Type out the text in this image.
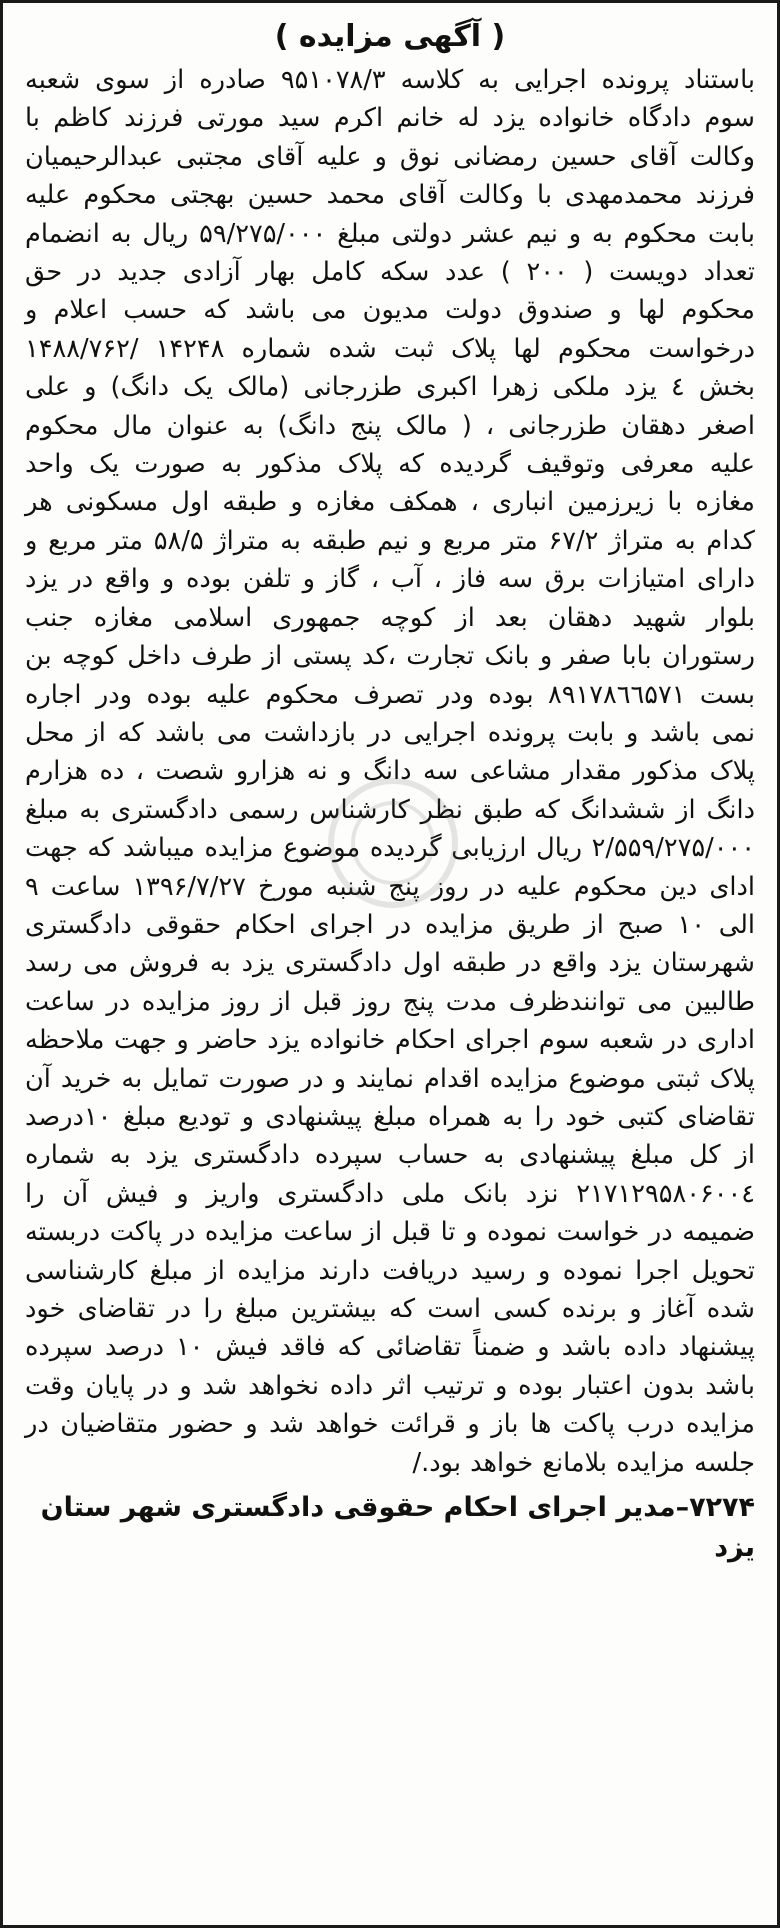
( آگهی مزایده )

باستناد پرونده اجرایی به کلاسه ۹۵۱۰۷۸/۳ صادره از سوی شعبه سوم دادگاه خانواده یزد له خانم اکرم سید مورتی فرزند کاظم با وکالت آقای حسین رمضانی نوق و علیه آقای مجتبی عبدالرحیمیان فرزند محمدمهدی با وکالت آقای محمد حسین بهجتی محکوم علیه بابت محکوم به و نیم عشر دولتی مبلغ ۵۹/۲۷۵/۰۰۰ ریال به انضمام تعداد دویست ( ۲۰۰ ) عدد سکه کامل بهار آزادی جدید در حق محکوم لها و صندوق دولت مدیون می باشد که حسب اعلام و درخواست محکوم لها پلاک ثبت شده شماره ۱۴۲۴۸ /۱۴۸۸/۷۶۲ بخش ٤ یزد ملکی زهرا اکبری طزرجانی (مالک یک دانگ) و علی اصغر دهقان طزرجانی ، ( مالک پنج دانگ) به عنوان مال محکوم علیه معرفی وتوقیف گردیده که پلاک مذکور به صورت یک واحد مغازه با زیرزمین انباری ، همکف مغازه و طبقه اول مسکونی هر کدام به متراژ ۶۷/۲ متر مربع و نیم طبقه به متراژ ۵۸/۵ متر مربع و دارای امتیازات برق سه فاز ، آب ، گاز و تلفن بوده و واقع در یزد بلوار شهید دهقان بعد از کوچه جمهوری اسلامی مغازه جنب رستوران بابا صفر و بانک تجارت ،کد پستی از طرف داخل کوچه بن بست ۸۹۱۷۸٦٦۵۷۱ بوده ودر تصرف محکوم علیه بوده ودر اجاره نمی باشد و بابت پرونده اجرایی در بازداشت می باشد که از محل پلاک مذکور مقدار مشاعی سه دانگ و نه هزارو شصت ، ده هزارم دانگ از ششدانگ که طبق نظر کارشناس رسمی دادگستری به مبلغ ۲/۵۵۹/۲۷۵/۰۰۰ ریال ارزیابی گردیده موضوع مزایده میباشد که جهت ادای دین محکوم علیه در روز پنج شنبه مورخ ۱۳۹۶/۷/۲۷ ساعت ۹ الی ۱۰ صبح از طریق مزایده در اجرای احکام حقوقی دادگستری شهرستان یزد واقع در طبقه اول دادگستری یزد به فروش می رسد طالبین می توانندظرف مدت پنج روز قبل از روز مزایده در ساعت اداری در شعبه سوم اجرای احکام خانواده یزد حاضر و جهت ملاحظه پلاک ثبتی موضوع مزایده اقدام نمایند و در صورت تمایل به خرید آن تقاضای کتبی خود را به همراه مبلغ پیشنهادی و تودیع مبلغ ۱۰درصد از کل مبلغ پیشنهادی به حساب سپرده دادگستری یزد به شماره ۲۱۷۱۲۹۵۸۰۶۰۰٤ نزد بانک ملی دادگستری واریز و فیش آن را ضمیمه در خواست نموده و تا قبل از ساعت مزایده در پاکت دربسته تحویل اجرا نموده و رسید دریافت دارند مزایده از مبلغ کارشناسی شده آغاز و برنده کسی است که بیشترین مبلغ را در تقاضای خود پیشنهاد داده باشد و ضمناً تقاضائی که فاقد فیش ۱۰ درصد سپرده باشد بدون اعتبار بوده و ترتیب اثر داده نخواهد شد و در پایان وقت مزایده درب پاکت ها باز و قرائت خواهد شد و حضور متقاضیان در جلسه مزایده بلامانع خواهد بود./

۷۲۷۴–مدیر اجرای احکام حقوقی دادگستری شهر ستان یزد
